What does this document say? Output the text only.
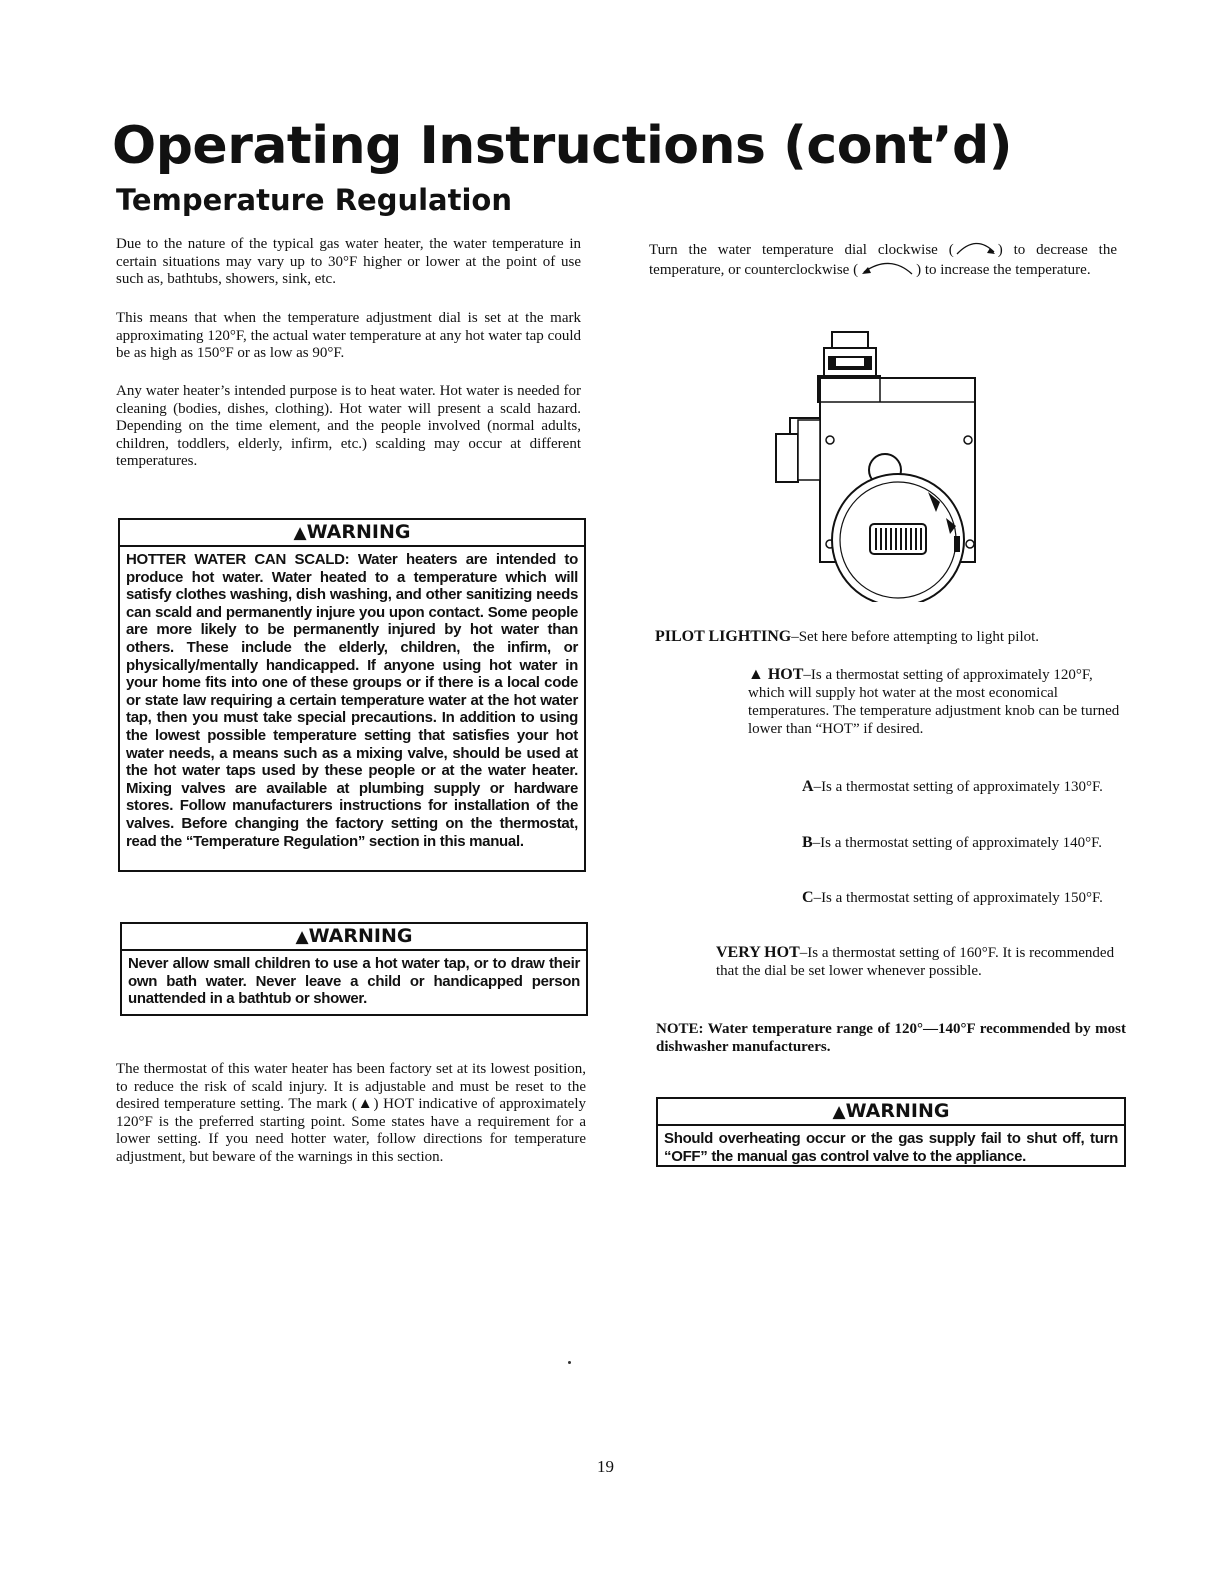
Operating Instructions (cont’d)
Temperature Regulation

Due to the nature of the typical gas water heater, the water temperature in certain situations may vary up to 30°F higher or lower at the point of use such as, bathtubs, showers, sink, etc.

This means that when the temperature adjustment dial is set at the mark approximating 120°F, the actual water temperature at any hot water tap could be as high as 150°F or as low as 90°F.

Any water heater’s intended purpose is to heat water. Hot water is needed for cleaning (bodies, dishes, clothing). Hot water will present a scald hazard. Depending on the time element, and the people involved (normal adults, children, toddlers, elderly, infirm, etc.) scalding may occur at different temperatures.

▲WARNING
HOTTER WATER CAN SCALD: Water heaters are intended to produce hot water. Water heated to a temperature which will satisfy clothes washing, dish washing, and other sanitizing needs can scald and permanently injure you upon contact. Some people are more likely to be permanently injured by hot water than others. These include the elderly, children, the infirm, or physically/mentally handicapped. If anyone using hot water in your home fits into one of these groups or if there is a local code or state law requiring a certain temperature water at the hot water tap, then you must take special precautions. In addition to using the lowest possible temperature setting that satisfies your hot water needs, a means such as a mixing valve, should be used at the hot water taps used by these people or at the water heater. Mixing valves are available at plumbing supply or hardware stores. Follow manufacturers instructions for installation of the valves. Before changing the factory setting on the thermostat, read the “Temperature Regulation” section in this manual.
▲WARNING
Never allow small children to use a hot water tap, or to draw their own bath water. Never leave a child or handicapped person unattended in a bathtub or shower.

The thermostat of this water heater has been factory set at its lowest position, to reduce the risk of scald injury. It is adjustable and must be reset to the desired temperature setting. The mark (▲) HOT indicative of approximately 120°F is the preferred starting point. Some states have a requirement for a lower setting. If you need hotter water, follow directions for temperature adjustment, but beware of the warnings in this section.

Turn the water temperature dial clockwise (	) to decrease the temperature, or counterclockwise (	) to increase the temperature.

PILOT LIGHTING–Set here before attempting to light pilot.
▲ HOT–Is a thermostat setting of approximately 120°F, which will supply hot water at the most economical temperatures. The temperature adjustment knob can be turned lower than “HOT” if desired.
A–Is a thermostat setting of approximately 130°F.
B–Is a thermostat setting of approximately 140°F.
C–Is a thermostat setting of approximately 150°F.
VERY HOT–Is a thermostat setting of 160°F. It is recommended that the dial be set lower whenever possible.

NOTE: Water temperature range of 120°—140°F recommended by most dishwasher manufacturers.

▲WARNING
Should overheating occur or the gas supply fail to shut off, turn “OFF” the manual gas control valve to the appliance.
19
